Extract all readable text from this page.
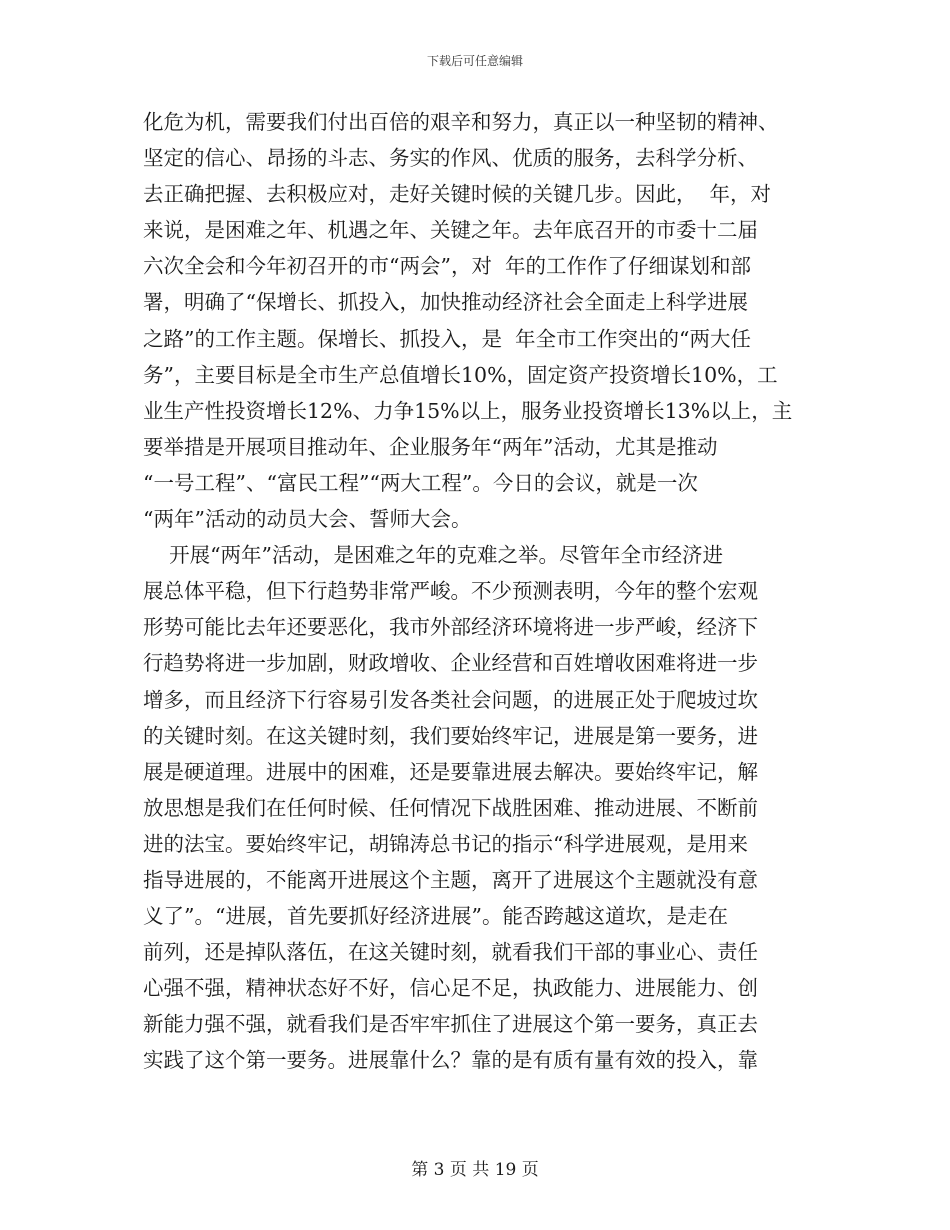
下载后可任意编辑
化危为机，需要我们付出百倍的艰辛和努力，真正以一种坚韧的精神、
坚定的信心、昂扬的斗志、务实的作风、优质的服务，去科学分析、
去正确把握、去积极应对，走好关键时候的关键几步。因此，  年，对
来说，是困难之年、机遇之年、关键之年。去年底召开的市委十二届
六次全会和今年初召开的市“两会”，对  年的工作作了仔细谋划和部
署，明确了“保增长、抓投入，加快推动经济社会全面走上科学进展
之路”的工作主题。保增长、抓投入，是  年全市工作突出的“两大任
务”，主要目标是全市生产总值增长10%，固定资产投资增长10%，工
业生产性投资增长12%、力争15%以上，服务业投资增长13%以上，主
要举措是开展项目推动年、企业服务年“两年”活动，尤其是推动
“一号工程”、“富民工程”“两大工程”。今日的会议，就是一次
“两年”活动的动员大会、誓师大会。
开展“两年”活动，是困难之年的克难之举。尽管年全市经济进
展总体平稳，但下行趋势非常严峻。不少预测表明，今年的整个宏观
形势可能比去年还要恶化，我市外部经济环境将进一步严峻，经济下
行趋势将进一步加剧，财政增收、企业经营和百姓增收困难将进一步
增多，而且经济下行容易引发各类社会问题，的进展正处于爬坡过坎
的关键时刻。在这关键时刻，我们要始终牢记，进展是第一要务，进
展是硬道理。进展中的困难，还是要靠进展去解决。要始终牢记，解
放思想是我们在任何时候、任何情况下战胜困难、推动进展、不断前
进的法宝。要始终牢记，胡锦涛总书记的指示“科学进展观，是用来
指导进展的，不能离开进展这个主题，离开了进展这个主题就没有意
义了”。“进展，首先要抓好经济进展”。能否跨越这道坎，是走在
前列，还是掉队落伍，在这关键时刻，就看我们干部的事业心、责任
心强不强，精神状态好不好，信心足不足，执政能力、进展能力、创
新能力强不强，就看我们是否牢牢抓住了进展这个第一要务，真正去
实践了这个第一要务。进展靠什么？靠的是有质有量有效的投入，靠
第 3 页 共 19 页
